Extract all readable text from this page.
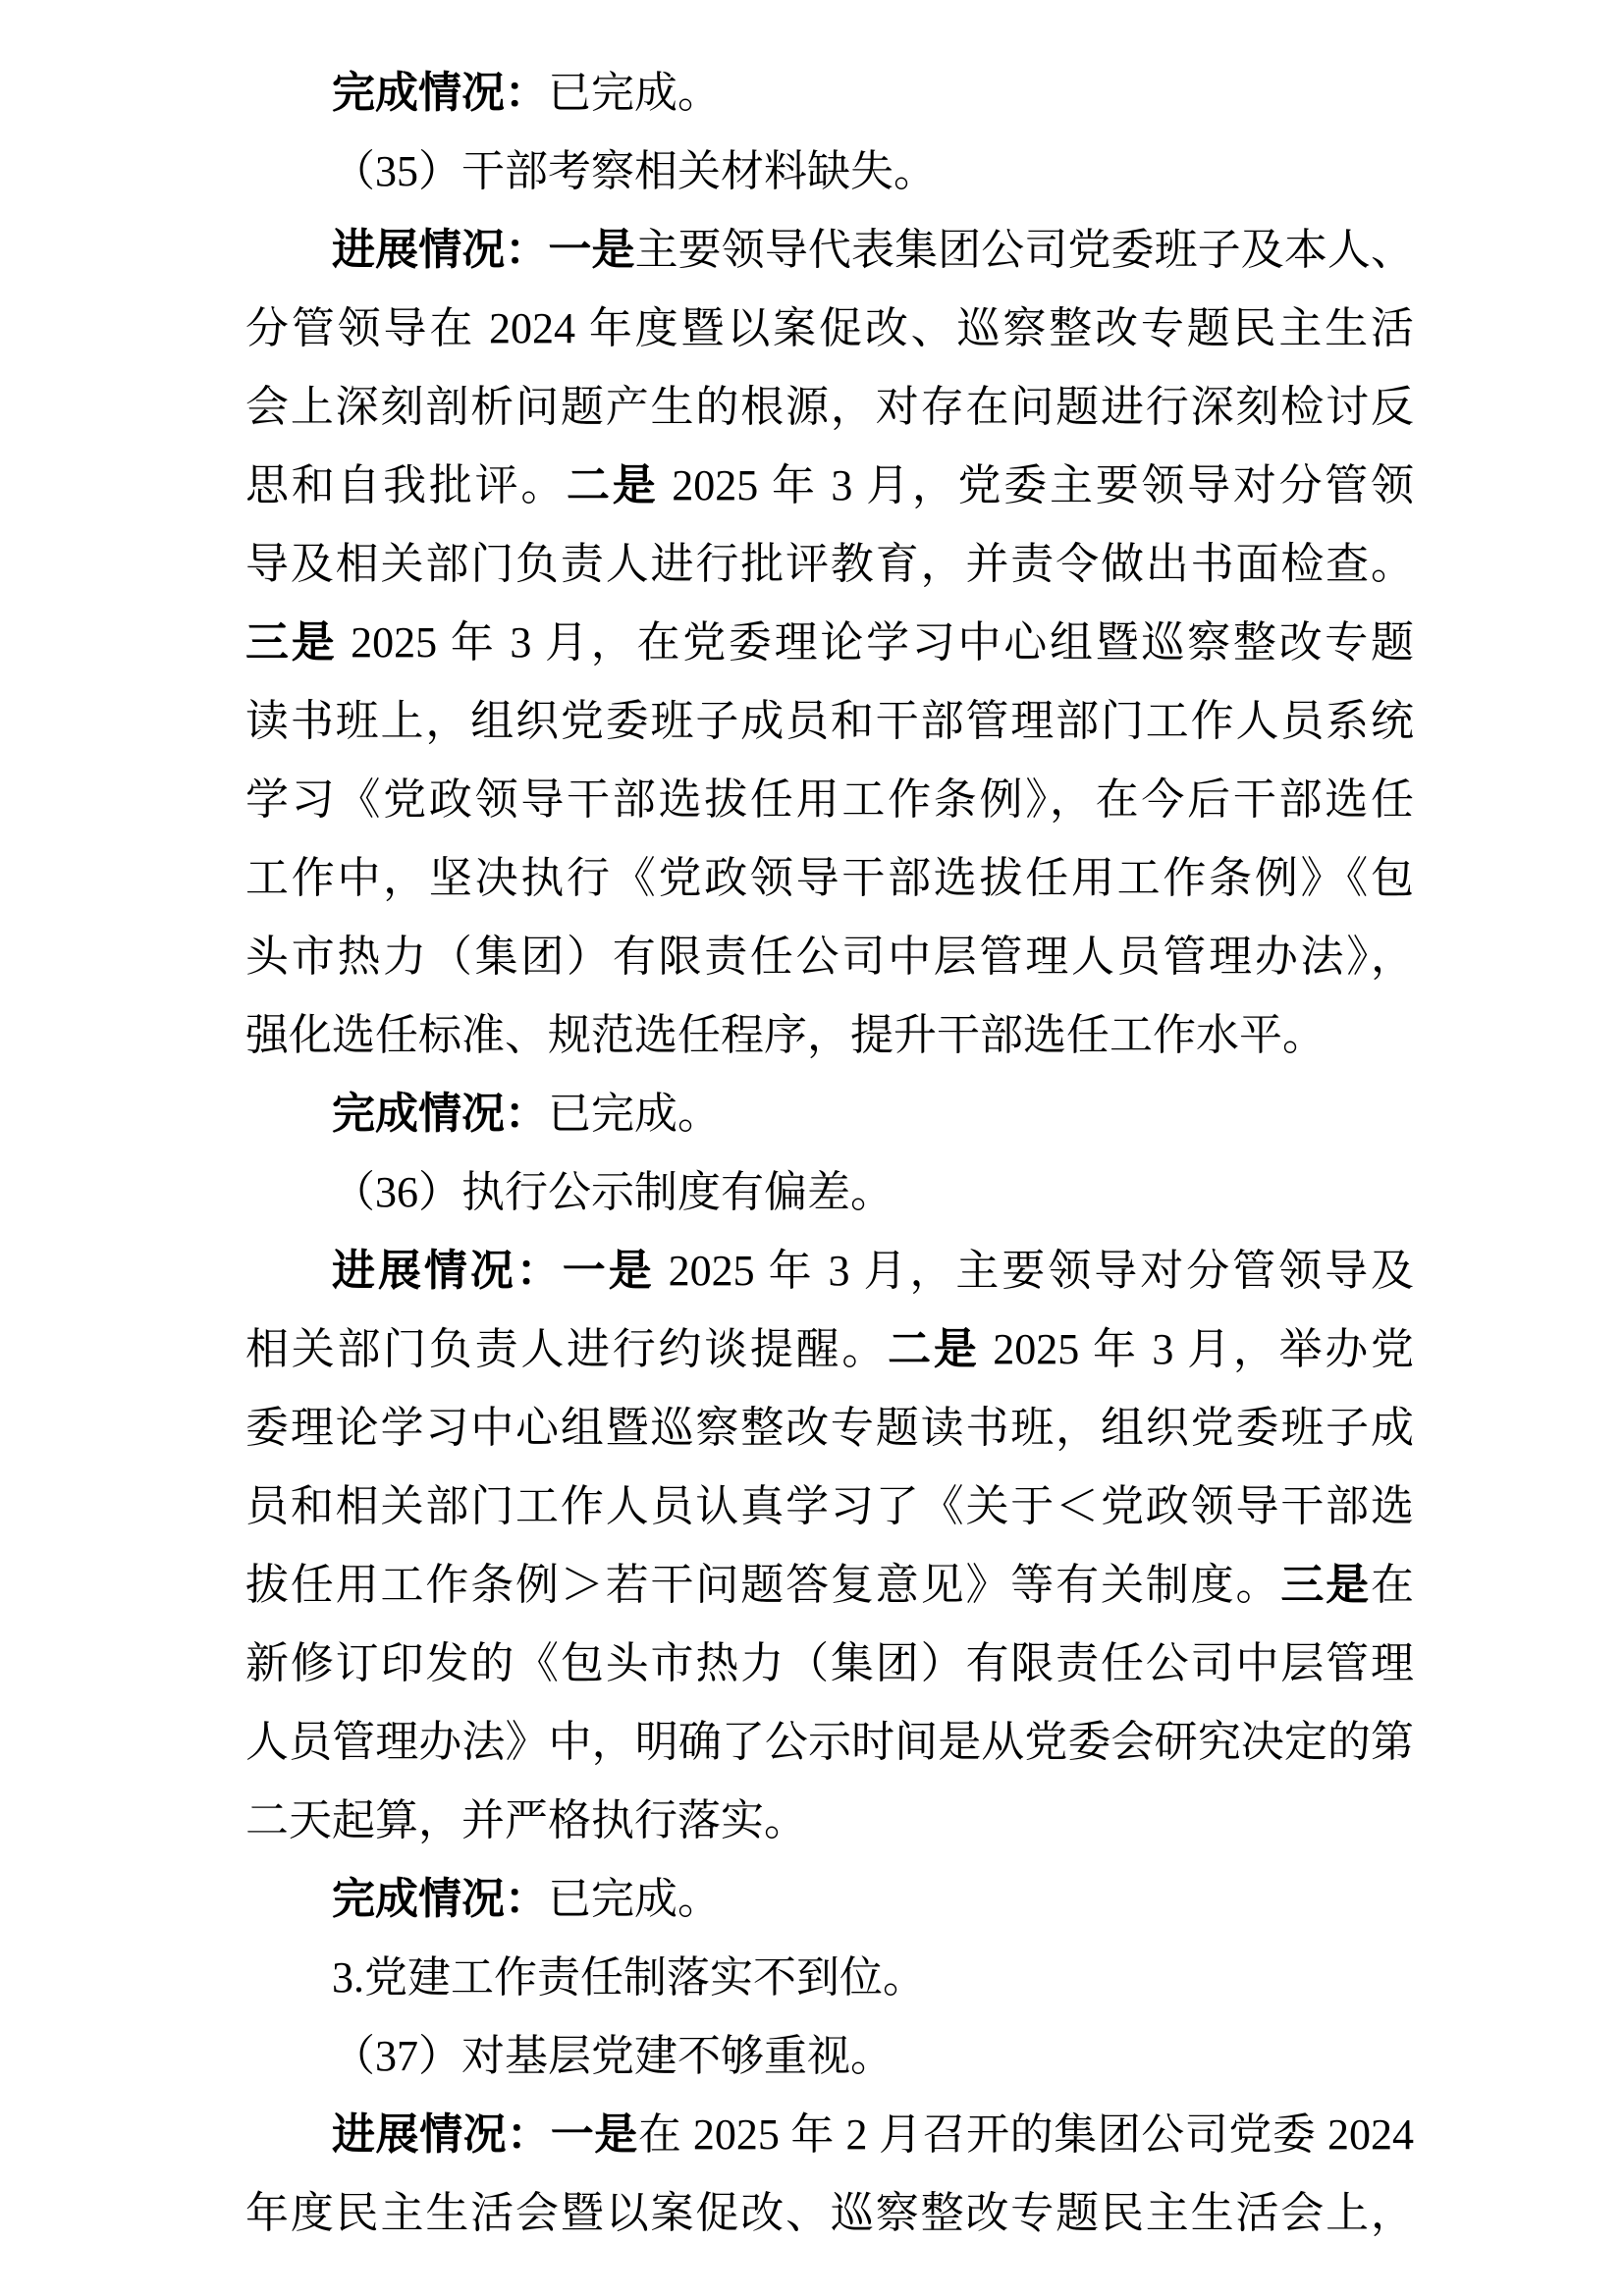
完成情况：已完成。
（35）干部考察相关材料缺失。
进展情况：一是主要领导代表集团公司党委班子及本人、
分管领导在 2024 年度暨以案促改、巡察整改专题民主生活
会上深刻剖析问题产生的根源，对存在问题进行深刻检讨反
思和自我批评。二是 2025 年 3 月，党委主要领导对分管领
导及相关部门负责人进行批评教育，并责令做出书面检查。
三是 2025 年 3 月，在党委理论学习中心组暨巡察整改专题
读书班上，组织党委班子成员和干部管理部门工作人员系统
学习《党政领导干部选拔任用工作条例》，在今后干部选任
工作中，坚决执行《党政领导干部选拔任用工作条例》《包
头市热力（集团）有限责任公司中层管理人员管理办法》，
强化选任标准、规范选任程序，提升干部选任工作水平。
完成情况：已完成。
（36）执行公示制度有偏差。
进展情况：一是 2025 年 3 月，主要领导对分管领导及
相关部门负责人进行约谈提醒。二是 2025 年 3 月，举办党
委理论学习中心组暨巡察整改专题读书班，组织党委班子成
员和相关部门工作人员认真学习了《关于＜党政领导干部选
拔任用工作条例＞若干问题答复意见》等有关制度。三是在
新修订印发的《包头市热力（集团）有限责任公司中层管理
人员管理办法》中，明确了公示时间是从党委会研究决定的第
二天起算，并严格执行落实。
完成情况：已完成。
3.党建工作责任制落实不到位。
（37）对基层党建不够重视。
进展情况：一是在 2025 年 2 月召开的集团公司党委 2024
年度民主生活会暨以案促改、巡察整改专题民主生活会上，
